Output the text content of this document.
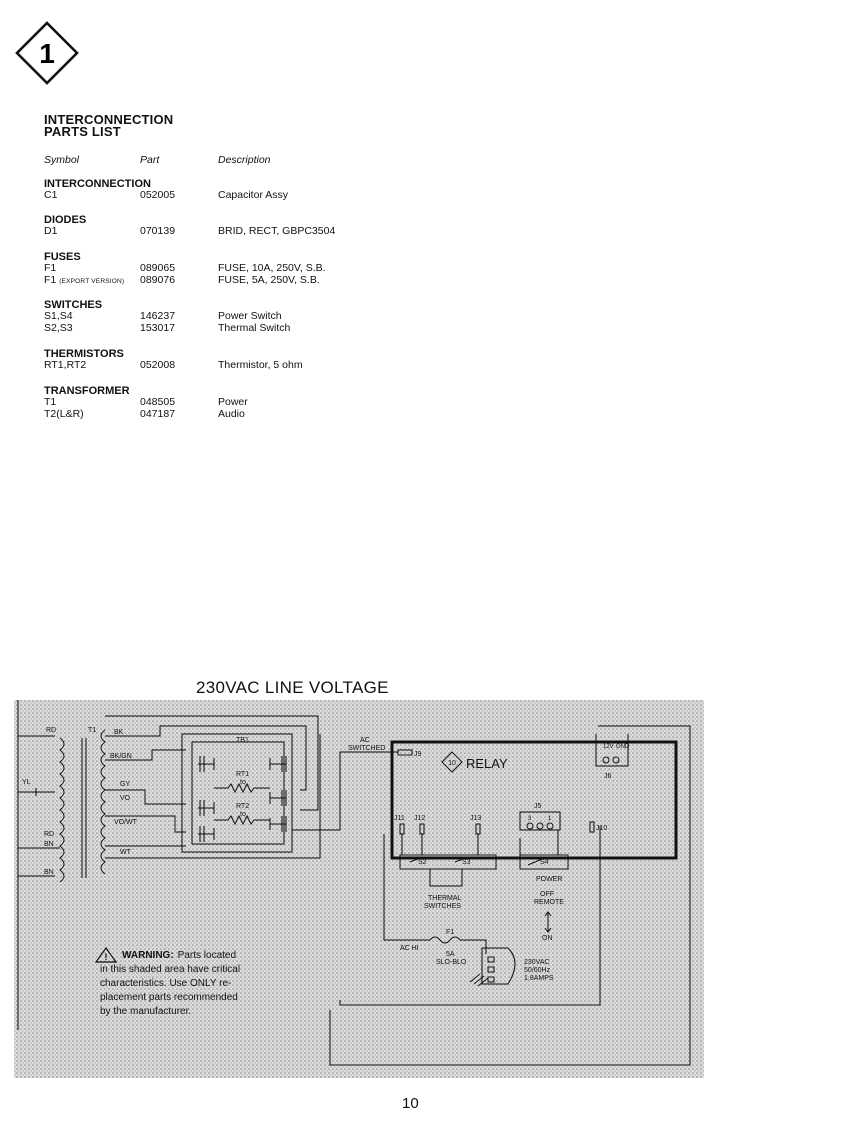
1
INTERCONNECTION
PARTS LIST
Symbol	Part	Description
INTERCONNECTION
C1	052005	Capacitor Assy
DIODES
D1	070139	BRID, RECT, GBPC3504
FUSES
F1	089065	FUSE, 10A, 250V, S.B.
F1 (EXPORT VERSION) 089076	FUSE, 5A, 250V, S.B.
SWITCHES
S1,S4	146237	Power Switch
S2,S3	153017	Thermal Switch
THERMISTORS
RT1,RT2	052008	Thermistor, 5 ohm
TRANSFORMER
T1	048505	Power
T2(L&R)	047187	Audio
230VAC LINE VOLTAGE
RD	T1	BK
BK/GN
GY
VO
VO/WT
WT
YL
RD
BN
BN
TB1
RT1
to
RT2
to
AC
SWITCHED
J9
10 RELAY
12V GND
J6
J5
3	1
J11 J12	J13
J10
S2	S3	S4
POWER
THERMAL
SWITCHES
OFF
REMOTE
ON
F1
AC HI
5A
SLO-BLO	230VAC
50/60Hz
1.8AMPS
! WARNING: Parts located
in this shaded area have critical
characteristics. Use ONLY re-
placement parts recommended
by the manufacturer.
10
